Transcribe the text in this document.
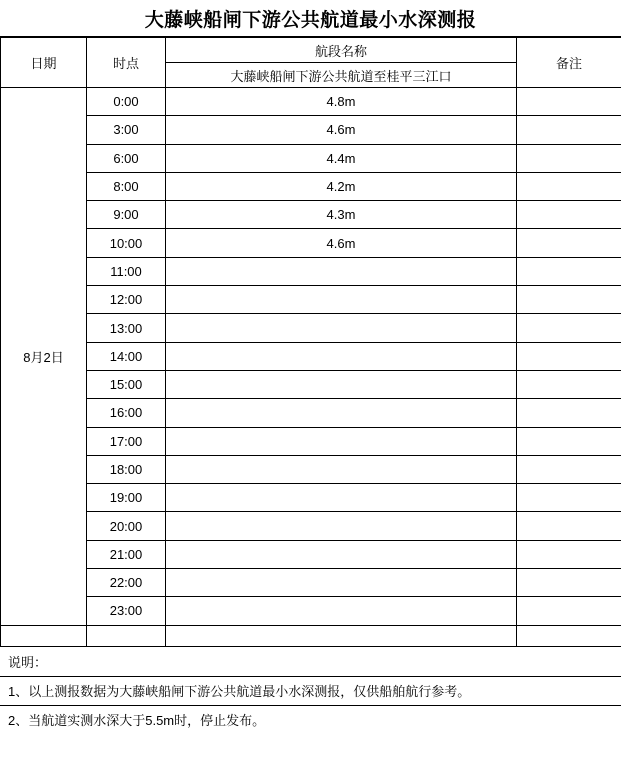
大藤峡船闸下游公共航道最小水深测报
日期	时点	航段名称	备注
		大藤峡船闸下游公共航道至桂平三江口	
8月2日	0:00	4.8m	
	3:00	4.6m	
	6:00	4.4m	
	8:00	4.2m	
	9:00	4.3m	
	10:00	4.6m	
	11:00		
	12:00		
	13:00		
	14:00		
	15:00		
	16:00		
	17:00		
	18:00		
	19:00		
	20:00		
	21:00		
	22:00		
	23:00		

说明：
1、以上测报数据为大藤峡船闸下游公共航道最小水深测报，仅供船舶航行参考。
2、当航道实测水深大于5.5m时，停止发布。
